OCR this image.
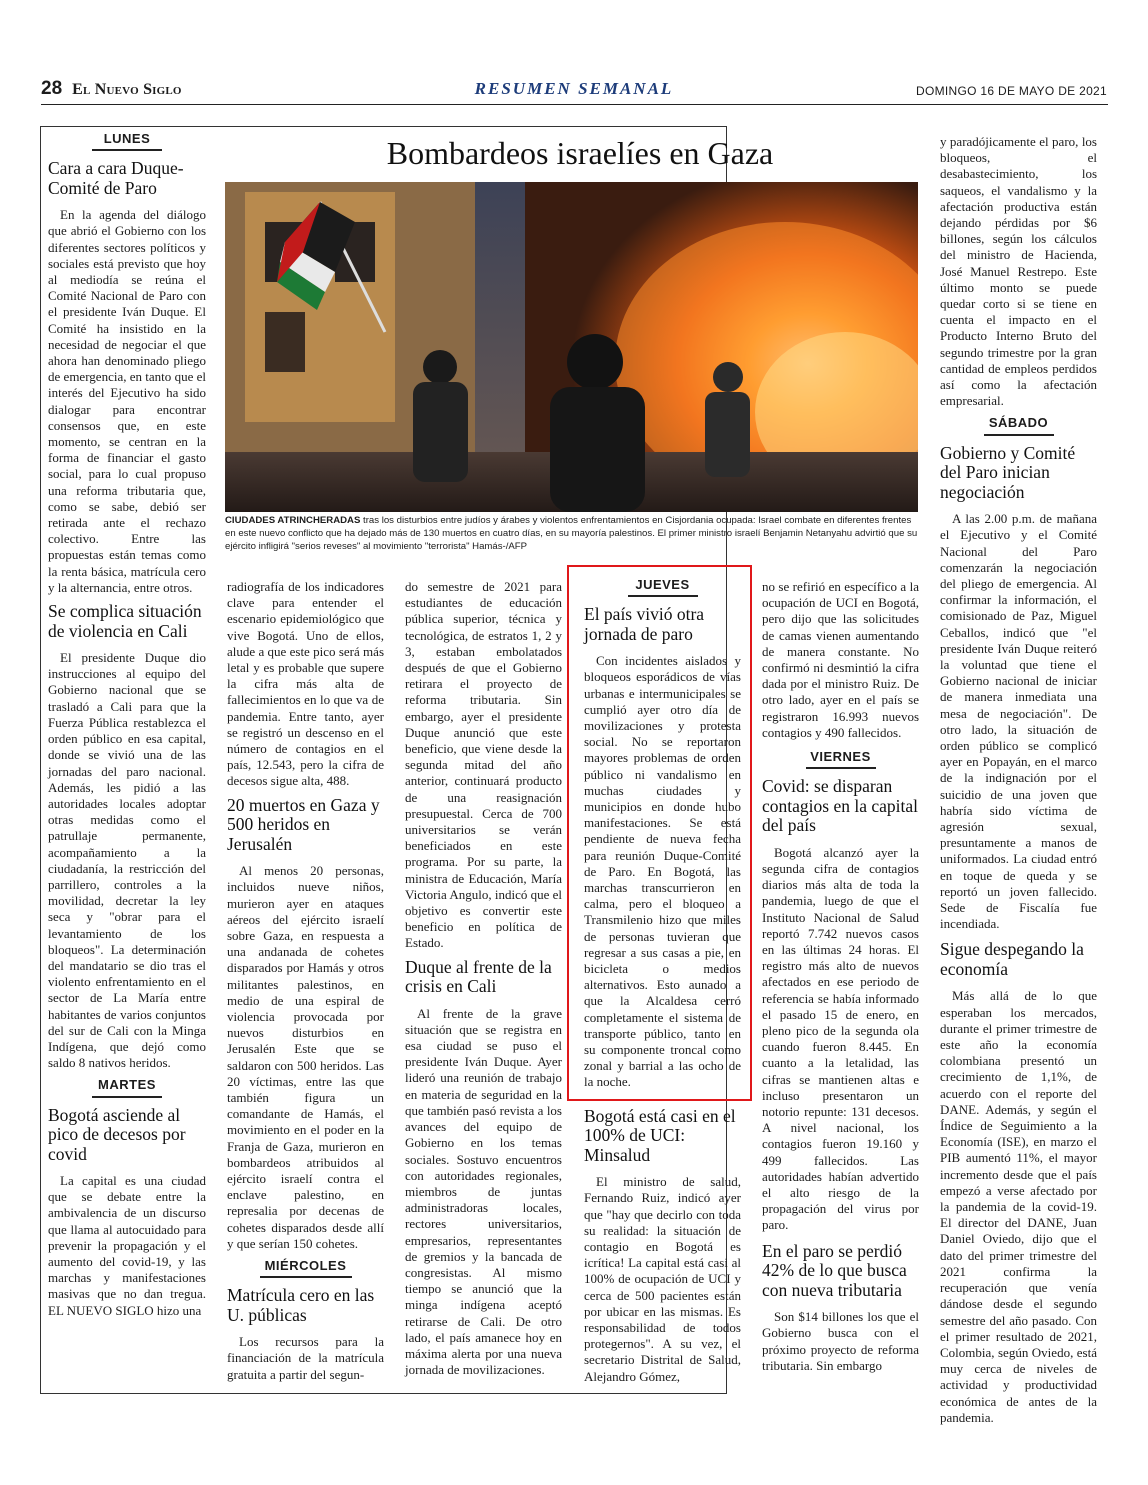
28 El Nuevo Siglo	RESUMEN SEMANAL	DOMINGO 16 DE MAYO DE 2021
Bombardeos israelíes en Gaza
CIUDADES ATRINCHERADAS tras los disturbios entre judíos y árabes y violentos enfrentamientos en Cisjordania ocupada: Israel combate en diferentes frentes en este nuevo conflicto que ha dejado más de 130 muertos en cuatro días, en su mayoría palestinos. El primer ministro israelí Benjamin Netanyahu advirtió que su ejército infligirá "serios reveses" al movimiento "terrorista" Hamás-/AFP
LUNES
Cara a cara Duque-Comité de Paro

En la agenda del diálogo que abrió el Gobierno con los diferentes sectores políticos y sociales está previsto que hoy al mediodía se reúna el Comité Nacional de Paro con el presidente Iván Duque. El Comité ha insistido en la necesidad de negociar el que ahora han denominado pliego de emergencia, en tanto que el interés del Ejecutivo ha sido dialogar para encontrar consensos que, en este momento, se centran en la forma de financiar el gasto social, para lo cual propuso una reforma tributaria que, como se sabe, debió ser retirada ante el rechazo colectivo. Entre las propuestas están temas como la renta básica, matrícula cero y la alternancia, entre otros.

Se complica situación de violencia en Cali

El presidente Duque dio instrucciones al equipo del Gobierno nacional que se trasladó a Cali para que la Fuerza Pública restablezca el orden público en esa capital, donde se vivió una de las jornadas del paro nacional. Además, les pidió a las autoridades locales adoptar otras medidas como el patrullaje permanente, acompañamiento a la ciudadanía, la restricción del parrillero, controles a la movilidad, decretar la ley seca y "obrar para el levantamiento de los bloqueos". La determinación del mandatario se dio tras el violento enfrentamiento en el sector de La María entre habitantes de varios conjuntos del sur de Cali con la Minga Indígena, que dejó como saldo 8 nativos heridos.

MARTES
Bogotá asciende al pico de decesos por covid

La capital es una ciudad que se debate entre la ambivalencia de un discurso que llama al autocuidado para prevenir la propagación y el aumento del covid-19, y las marchas y manifestaciones masivas que no dan tregua. EL NUEVO SIGLO hizo una

radiografía de los indicadores clave para entender el escenario epidemiológico que vive Bogotá. Uno de ellos, alude a que este pico será más letal y es probable que supere la cifra más alta de fallecimientos en lo que va de pandemia. Entre tanto, ayer se registró un descenso en el número de contagios en el país, 12.543, pero la cifra de decesos sigue alta, 488.

20 muertos en Gaza y 500 heridos en Jerusalén

Al menos 20 personas, incluidos nueve niños, murieron ayer en ataques aéreos del ejército israelí sobre Gaza, en respuesta a una andanada de cohetes disparados por Hamás y otros militantes palestinos, en medio de una espiral de violencia provocada por nuevos disturbios en Jerusalén Este que se saldaron con 500 heridos. Las 20 víctimas, entre las que también figura un comandante de Hamás, el movimiento en el poder en la Franja de Gaza, murieron en bombardeos atribuidos al ejército israelí contra el enclave palestino, en represalia por decenas de cohetes disparados desde allí y que serían 150 cohetes.

MIÉRCOLES
Matrícula cero en las U. públicas

Los recursos para la financiación de la matrícula gratuita a partir del segun-

do semestre de 2021 para estudiantes de educación pública superior, técnica y tecnológica, de estratos 1, 2 y 3, estaban embolatados después de que el Gobierno retirara el proyecto de reforma tributaria. Sin embargo, ayer el presidente Duque anunció que este beneficio, que viene desde la segunda mitad del año anterior, continuará producto de una reasignación presupuestal. Cerca de 700 universitarios se verán beneficiados en este programa. Por su parte, la ministra de Educación, María Victoria Angulo, indicó que el objetivo es convertir este beneficio en política de Estado.

Duque al frente de la crisis en Cali

Al frente de la grave situación que se registra en esa ciudad se puso el presidente Iván Duque. Ayer lideró una reunión de trabajo en materia de seguridad en la que también pasó revista a los avances del equipo de Gobierno en los temas sociales. Sostuvo encuentros con autoridades regionales, miembros de juntas administradoras locales, rectores universitarios, empresarios, representantes de gremios y la bancada de congresistas. Al mismo tiempo se anunció que la minga indígena aceptó retirarse de Cali. De otro lado, el país amanece hoy en máxima alerta por una nueva jornada de movilizaciones.

JUEVES
El país vivió otra jornada de paro

Con incidentes aislados y bloqueos esporádicos de vías urbanas e intermunicipales se cumplió ayer otro día de movilizaciones y protesta social. No se reportaron mayores problemas de orden público ni vandalismo en muchas ciudades y municipios en donde hubo manifestaciones. Se está pendiente de nueva fecha para reunión Duque-Comité de Paro. En Bogotá, las marchas transcurrieron en calma, pero el bloqueo a Transmilenio hizo que miles de personas tuvieran que regresar a sus casas a pie, en bicicleta o medios alternativos. Esto aunado a que la Alcaldesa cerró completamente el sistema de transporte público, tanto en su componente troncal como zonal y barrial a las ocho de la noche.

Bogotá está casi en el 100% de UCI: Minsalud

El ministro de salud, Fernando Ruiz, indicó ayer que "hay que decirlo con toda su realidad: la situación de contagio en Bogotá es icrítica! La capital está casi al 100% de ocupación de UCI y cerca de 500 pacientes están por ubicar en las mismas. Es responsabilidad de todos protegernos". A su vez, el secretario Distrital de Salud, Alejandro Gómez,

no se refirió en específico a la ocupación de UCI en Bogotá, pero dijo que las solicitudes de camas vienen aumentando de manera constante. No confirmó ni desmintió la cifra dada por el ministro Ruiz. De otro lado, ayer en el país se registraron 16.993 nuevos contagios y 490 fallecidos.

VIERNES
Covid: se disparan contagios en la capital del país

Bogotá alcanzó ayer la segunda cifra de contagios diarios más alta de toda la pandemia, luego de que el Instituto Nacional de Salud reportó 7.742 nuevos casos en las últimas 24 horas. El registro más alto de nuevos afectados en ese periodo de referencia se había informado el pasado 15 de enero, en pleno pico de la segunda ola cuando fueron 8.445. En cuanto a la letalidad, las cifras se mantienen altas e incluso presentaron un notorio repunte: 131 decesos. A nivel nacional, los contagios fueron 19.160 y 499 fallecidos. Las autoridades habían advertido el alto riesgo de la propagación del virus por paro.

En el paro se perdió 42% de lo que busca con nueva tributaria

Son $14 billones los que el Gobierno busca con el próximo proyecto de reforma tributaria. Sin embargo

y paradójicamente el paro, los bloqueos, el desabastecimiento, los saqueos, el vandalismo y la afectación productiva están dejando pérdidas por $6 billones, según los cálculos del ministro de Hacienda, José Manuel Restrepo. Este último monto se puede quedar corto si se tiene en cuenta el impacto en el Producto Interno Bruto del segundo trimestre por la gran cantidad de empleos perdidos así como la afectación empresarial.

SÁBADO
Gobierno y Comité del Paro inician negociación

A las 2.00 p.m. de mañana el Ejecutivo y el Comité Nacional del Paro comenzarán la negociación del pliego de emergencia. Al confirmar la información, el comisionado de Paz, Miguel Ceballos, indicó que "el presidente Iván Duque reiteró la voluntad que tiene el Gobierno nacional de iniciar de manera inmediata una mesa de negociación". De otro lado, la situación de orden público se complicó ayer en Popayán, en el marco de la indignación por el suicidio de una joven que habría sido víctima de agresión sexual, presuntamente a manos de uniformados. La ciudad entró en toque de queda y se reportó un joven fallecido. Sede de Fiscalía fue incendiada.

Sigue despegando la economía

Más allá de lo que esperaban los mercados, durante el primer trimestre de este año la economía colombiana presentó un crecimiento de 1,1%, de acuerdo con el reporte del DANE. Además, y según el Índice de Seguimiento a la Economía (ISE), en marzo el PIB aumentó 11%, el mayor incremento desde que el país empezó a verse afectado por la pandemia de la covid-19. El director del DANE, Juan Daniel Oviedo, dijo que el dato del primer trimestre del 2021 confirma la recuperación que venía dándose desde el segundo semestre del año pasado. Con el primer resultado de 2021, Colombia, según Oviedo, está muy cerca de niveles de actividad y productividad económica de antes de la pandemia.
